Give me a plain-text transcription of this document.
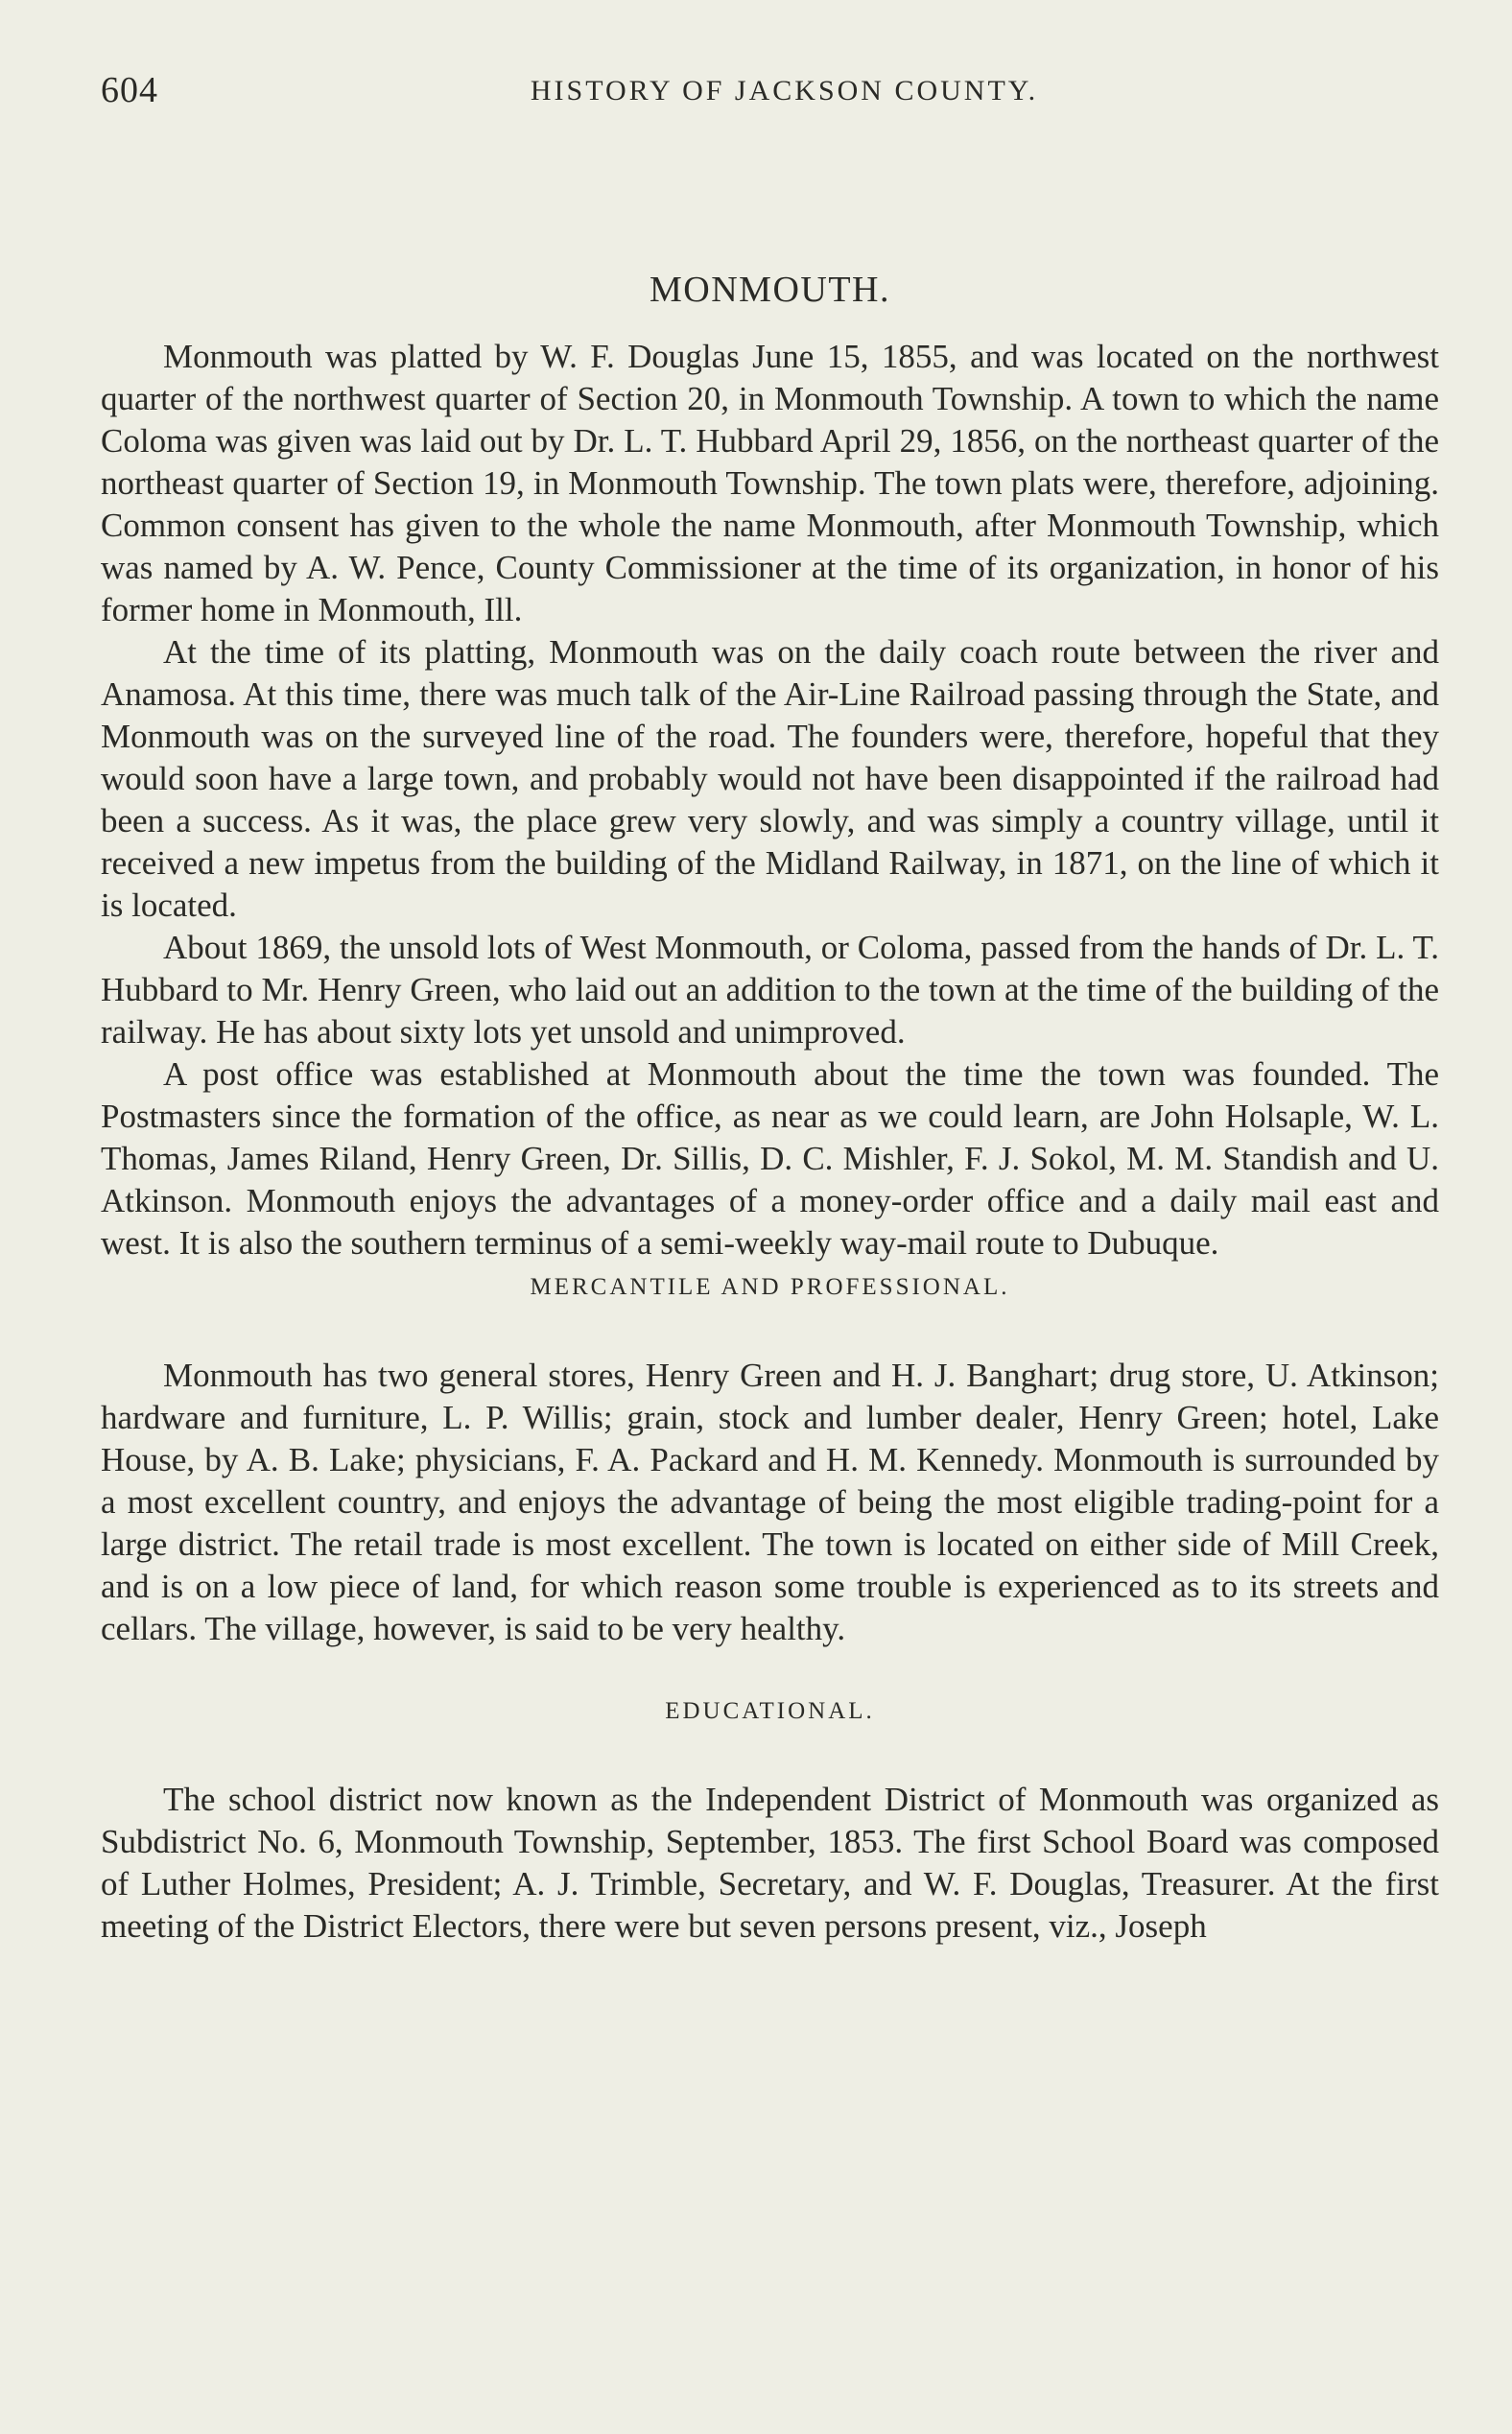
604	HISTORY OF JACKSON COUNTY.
MONMOUTH.

Monmouth was platted by W. F. Douglas June 15, 1855, and was located on the northwest quarter of the northwest quarter of Section 20, in Monmouth Township. A town to which the name Coloma was given was laid out by Dr. L. T. Hubbard April 29, 1856, on the northeast quarter of the northeast quarter of Section 19, in Monmouth Township. The town plats were, therefore, adjoining. Common consent has given to the whole the name Monmouth, after Monmouth Township, which was named by A. W. Pence, County Commissioner at the time of its organization, in honor of his former home in Monmouth, Ill.

At the time of its platting, Monmouth was on the daily coach route between the river and Anamosa. At this time, there was much talk of the Air-Line Railroad passing through the State, and Monmouth was on the surveyed line of the road. The founders were, therefore, hopeful that they would soon have a large town, and probably would not have been disappointed if the railroad had been a success. As it was, the place grew very slowly, and was simply a country village, until it received a new impetus from the building of the Midland Railway, in 1871, on the line of which it is located.

About 1869, the unsold lots of West Monmouth, or Coloma, passed from the hands of Dr. L. T. Hubbard to Mr. Henry Green, who laid out an addition to the town at the time of the building of the railway. He has about sixty lots yet unsold and unimproved.

A post office was established at Monmouth about the time the town was founded. The Postmasters since the formation of the office, as near as we could learn, are John Holsaple, W. L. Thomas, James Riland, Henry Green, Dr. Sillis, D. C. Mishler, F. J. Sokol, M. M. Standish and U. Atkinson. Monmouth enjoys the advantages of a money-order office and a daily mail east and west. It is also the southern terminus of a semi-weekly way-mail route to Dubuque.

MERCANTILE AND PROFESSIONAL.

Monmouth has two general stores, Henry Green and H. J. Banghart; drug store, U. Atkinson; hardware and furniture, L. P. Willis; grain, stock and lumber dealer, Henry Green; hotel, Lake House, by A. B. Lake; physicians, F. A. Packard and H. M. Kennedy. Monmouth is surrounded by a most excellent country, and enjoys the advantage of being the most eligible trading-point for a large district. The retail trade is most excellent. The town is located on either side of Mill Creek, and is on a low piece of land, for which reason some trouble is experienced as to its streets and cellars. The village, however, is said to be very healthy.

EDUCATIONAL.

The school district now known as the Independent District of Monmouth was organized as Subdistrict No. 6, Monmouth Township, September, 1853. The first School Board was composed of Luther Holmes, President; A. J. Trimble, Secretary, and W. F. Douglas, Treasurer. At the first meeting of the District Electors, there were but seven persons present, viz., Joseph
